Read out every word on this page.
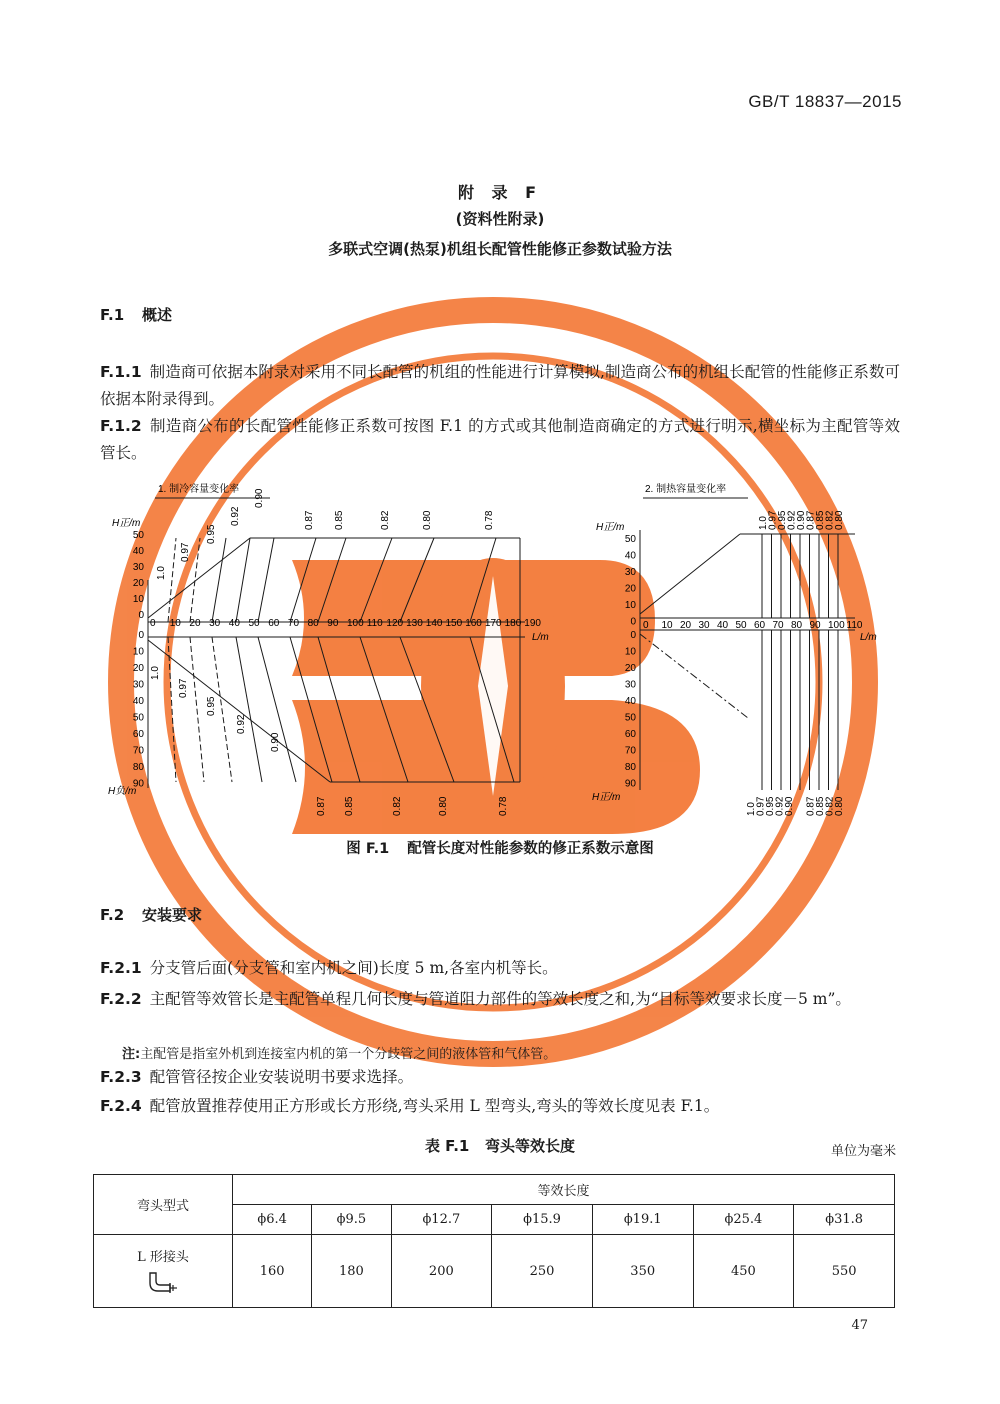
GB/T 18837—2015
附 录 F
(资料性附录)
多联式空调(热泵)机组长配管性能修正参数试验方法
F.1 概述
F.1.1 制造商可依据本附录对采用不同长配管的机组的性能进行计算模拟,制造商公布的机组长配管的性能修正系数可依据本附录得到。
F.1.2 制造商公布的长配管性能修正系数可按图 F.1 的方式或其他制造商确定的方式进行明示,横坐标为主配管等效管长。
1. 制冷容量变化率	2. 制热容量变化率
H正/m
H负/m
L/m
H正/m
H正/m
L/m
50
40
30
20
10
0
0
10
20
30
40
50
60
70
80
90
0 10 20 30 40 50 60 70 80 90 100 110 120 130 140 150 160 170 180 190
50
40
30
20
10
0
0
10
20
30
40
50
60
70
80
90
0 10 20 30 40 50 60 70 80 90 100 110
1.0
1.0
0.97
0.97
0.95
0.95
0.92
0.92
0.90
0.90
0.87
0.87
0.85
0.85
0.82
0.82
0.80
0.80
0.78
0.78
1.0
1.0
0.97
0.97
0.95
0.95
0.92
0.92
0.90
0.90
0.87
0.87
0.85
0.85
0.82
0.82
0.80
0.80
图 F.1 配管长度对性能参数的修正系数示意图
F.2 安装要求
F.2.1 分支管后面(分支管和室内机之间)长度 5 m,各室内机等长。
F.2.2 主配管等效管长是主配管单程几何长度与管道阻力部件的等效长度之和,为“目标等效要求长度－5 m”。
注:主配管是指室外机到连接室内机的第一个分歧管之间的液体管和气体管。
F.2.3 配管管径按企业安装说明书要求选择。
F.2.4 配管放置推荐使用正方形或长方形绕,弯头采用 L 型弯头,弯头的等效长度见表 F.1。
表 F.1 弯头等效长度	单位为毫米
弯头型式	等效长度						
	ϕ6.4	ϕ9.5	ϕ12.7	ϕ15.9	ϕ19.1	ϕ25.4	ϕ31.8

L 形接头	160	180	200	250	350	450	550
47
